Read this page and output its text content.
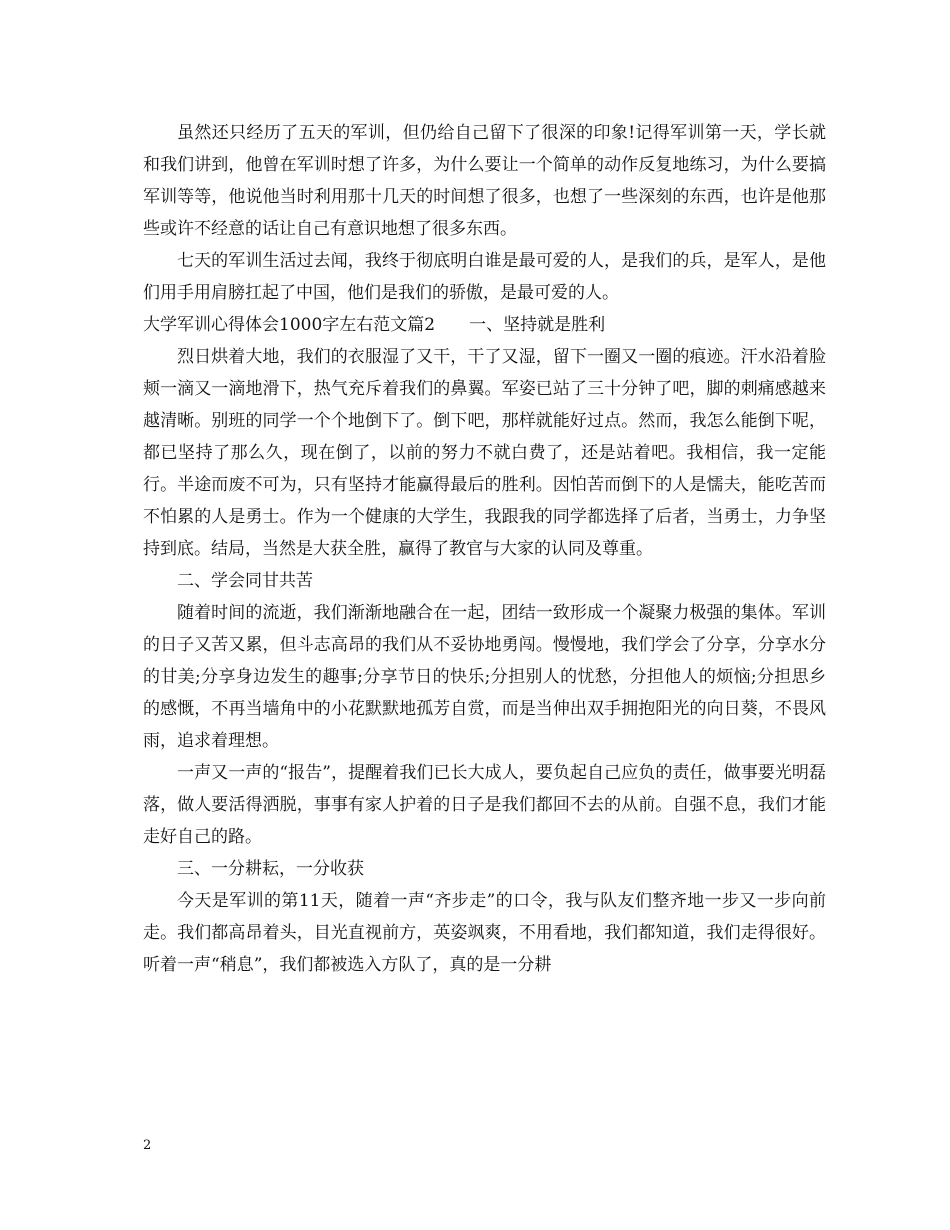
虽然还只经历了五天的军训，但仍给自己留下了很深的印象!记得军训第一天，学长就和我们讲到，他曾在军训时想了许多，为什么要让一个简单的动作反复地练习，为什么要搞军训等等，他说他当时利用那十几天的时间想了很多，也想了一些深刻的东西，也许是他那些或许不经意的话让自己有意识地想了很多东西。

七天的军训生活过去闻，我终于彻底明白谁是最可爱的人，是我们的兵，是军人，是他们用手用肩膀扛起了中国，他们是我们的骄傲，是最可爱的人。

大学军训心得体会1000字左右范文篇2　　一、坚持就是胜利

烈日烘着大地，我们的衣服湿了又干，干了又湿，留下一圈又一圈的痕迹。汗水沿着脸颊一滴又一滴地滑下，热气充斥着我们的鼻翼。军姿已站了三十分钟了吧，脚的刺痛感越来越清晰。别班的同学一个个地倒下了。倒下吧，那样就能好过点。然而，我怎么能倒下呢，都已坚持了那么久，现在倒了，以前的努力不就白费了，还是站着吧。我相信，我一定能行。半途而废不可为，只有坚持才能赢得最后的胜利。因怕苦而倒下的人是懦夫，能吃苦而不怕累的人是勇士。作为一个健康的大学生，我跟我的同学都选择了后者，当勇士，力争坚持到底。结局，当然是大获全胜，赢得了教官与大家的认同及尊重。

二、学会同甘共苦

随着时间的流逝，我们渐渐地融合在一起，团结一致形成一个凝聚力极强的集体。军训的日子又苦又累，但斗志高昂的我们从不妥协地勇闯。慢慢地，我们学会了分享，分享水分的甘美;分享身边发生的趣事;分享节日的快乐;分担别人的忧愁，分担他人的烦恼;分担思乡的感慨，不再当墙角中的小花默默地孤芳自赏，而是当伸出双手拥抱阳光的向日葵，不畏风雨，追求着理想。

一声又一声的“报告”，提醒着我们已长大成人，要负起自己应负的责任，做事要光明磊落，做人要活得洒脱，事事有家人护着的日子是我们都回不去的从前。自强不息，我们才能走好自己的路。

三、一分耕耘，一分收获

今天是军训的第11天，随着一声“齐步走”的口令，我与队友们整齐地一步又一步向前走。我们都高昂着头，目光直视前方，英姿飒爽，不用看地，我们都知道，我们走得很好。听着一声“稍息”，我们都被选入方队了，真的是一分耕

2
